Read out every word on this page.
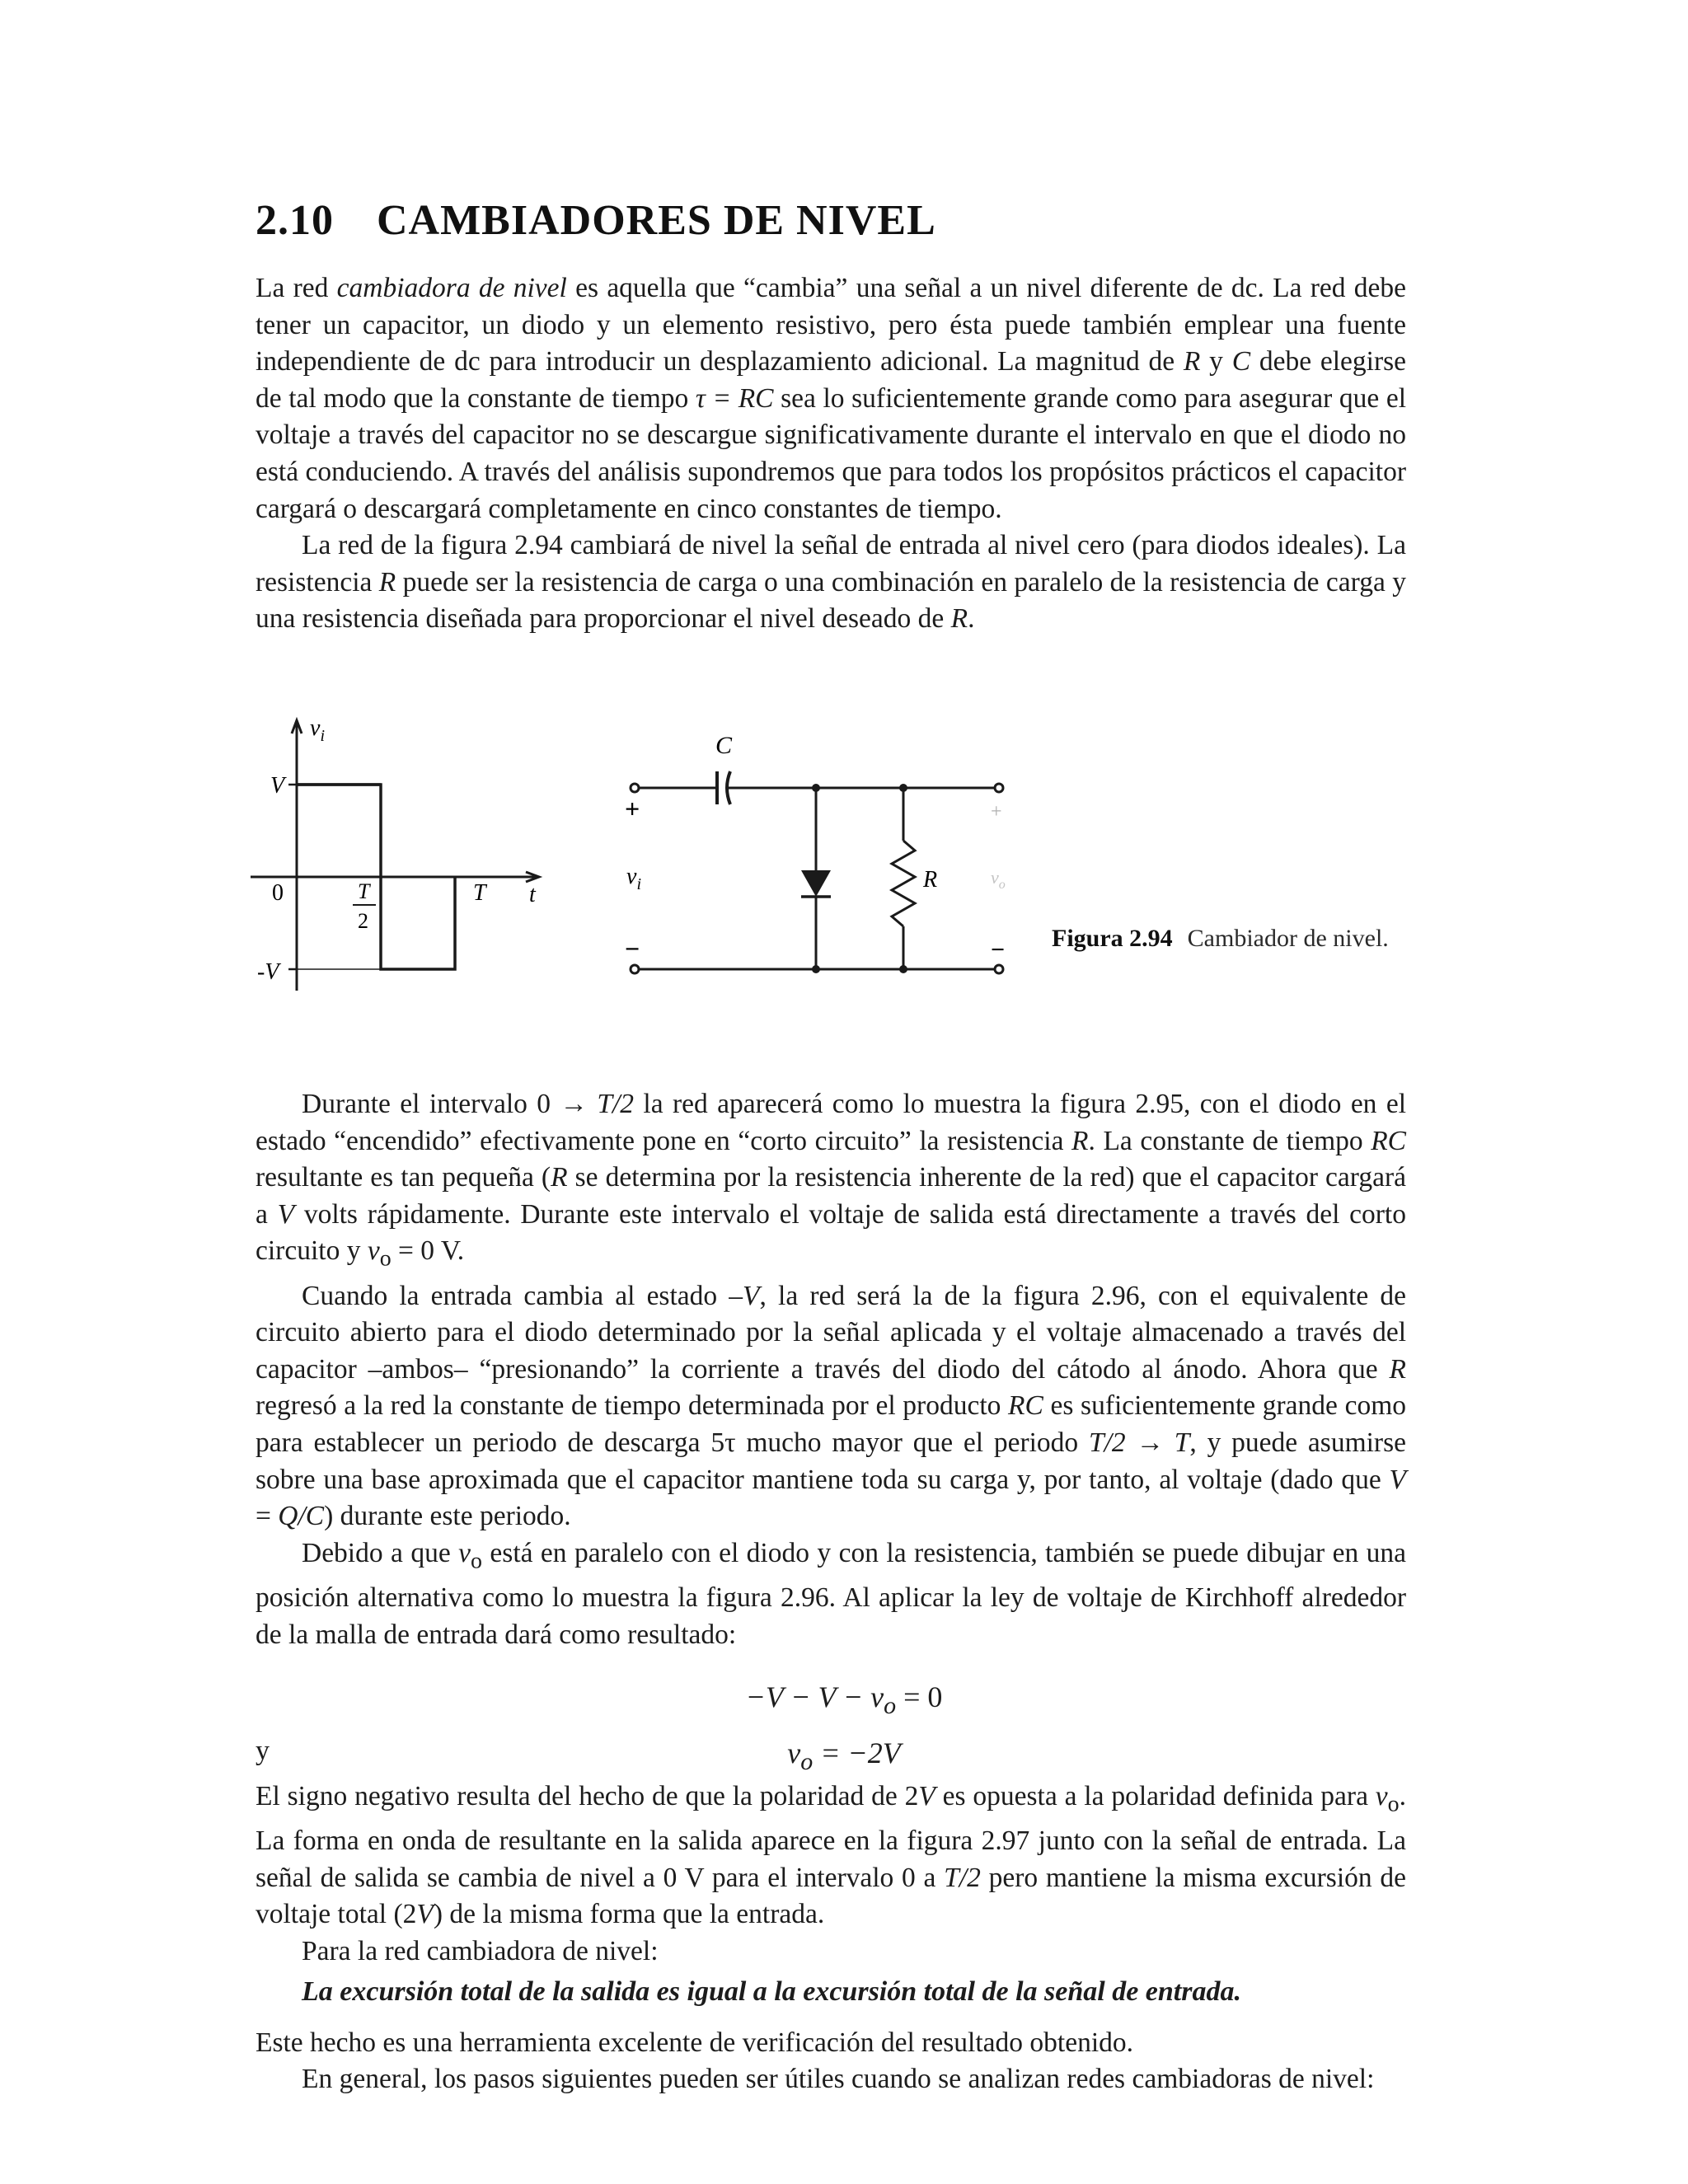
2.10 CAMBIADORES DE NIVEL

La red cambiadora de nivel es aquella que “cambia” una señal a un nivel diferente de dc. La red debe tener un capacitor, un diodo y un elemento resistivo, pero ésta puede también emplear una fuente independiente de dc para introducir un desplazamiento adicional. La magnitud de R y C debe elegirse de tal modo que la constante de tiempo τ = RC sea lo suficientemente grande como para asegurar que el voltaje a través del capacitor no se descargue significativamente durante el intervalo en que el diodo no está conduciendo. A través del análisis supondremos que para todos los propósitos prácticos el capacitor cargará o descargará completamente en cinco constantes de tiempo.

La red de la figura 2.94 cambiará de nivel la señal de entrada al nivel cero (para diodos ideales). La resistencia R puede ser la resistencia de carga o una combinación en paralelo de la resistencia de carga y una resistencia diseñada para proporcionar el nivel deseado de R.

$v_i$
V
0
-V
T
2
T t
C
R
+
−
$v_i$
+
−
$v_o$
Figura 2.94 Cambiador de nivel.

Durante el intervalo 0 → T/2 la red aparecerá como lo muestra la figura 2.95, con el diodo en el estado “encendido” efectivamente pone en “corto circuito” la resistencia R. La constante de tiempo RC resultante es tan pequeña (R se determina por la resistencia inherente de la red) que el capacitor cargará a V volts rápidamente. Durante este intervalo el voltaje de salida está directamente a través del corto circuito y $v_o = 0$ V.

Cuando la entrada cambia al estado –V, la red será la de la figura 2.96, con el equivalente de circuito abierto para el diodo determinado por la señal aplicada y el voltaje almacenado a través del capacitor –ambos– “presionando” la corriente a través del diodo del cátodo al ánodo. Ahora que R regresó a la red la constante de tiempo determinada por el producto RC es suficientemente grande como para establecer un periodo de descarga 5τ mucho mayor que el periodo T/2 → T, y puede asumirse sobre una base aproximada que el capacitor mantiene toda su carga y, por tanto, al voltaje (dado que V = Q/C) durante este periodo.

Debido a que $v_o$ está en paralelo con el diodo y con la resistencia, también se puede dibujar en una posición alternativa como lo muestra la figura 2.96. Al aplicar la ley de voltaje de Kirchhoff alrededor de la malla de entrada dará como resultado:

$-V - V - v_o = 0$
y	$v_o = -2V$

El signo negativo resulta del hecho de que la polaridad de 2V es opuesta a la polaridad definida para $v_o$. La forma en onda de resultante en la salida aparece en la figura 2.97 junto con la señal de entrada. La señal de salida se cambia de nivel a 0 V para el intervalo 0 a T/2 pero mantiene la misma excursión de voltaje total (2V) de la misma forma que la entrada.

Para la red cambiadora de nivel:

Este hecho es una herramienta excelente de verificación del resultado obtenido.

En general, los pasos siguientes pueden ser útiles cuando se analizan redes cambiadoras de nivel:

La excursión total de la salida es igual a la excursión total de la señal de entrada.
